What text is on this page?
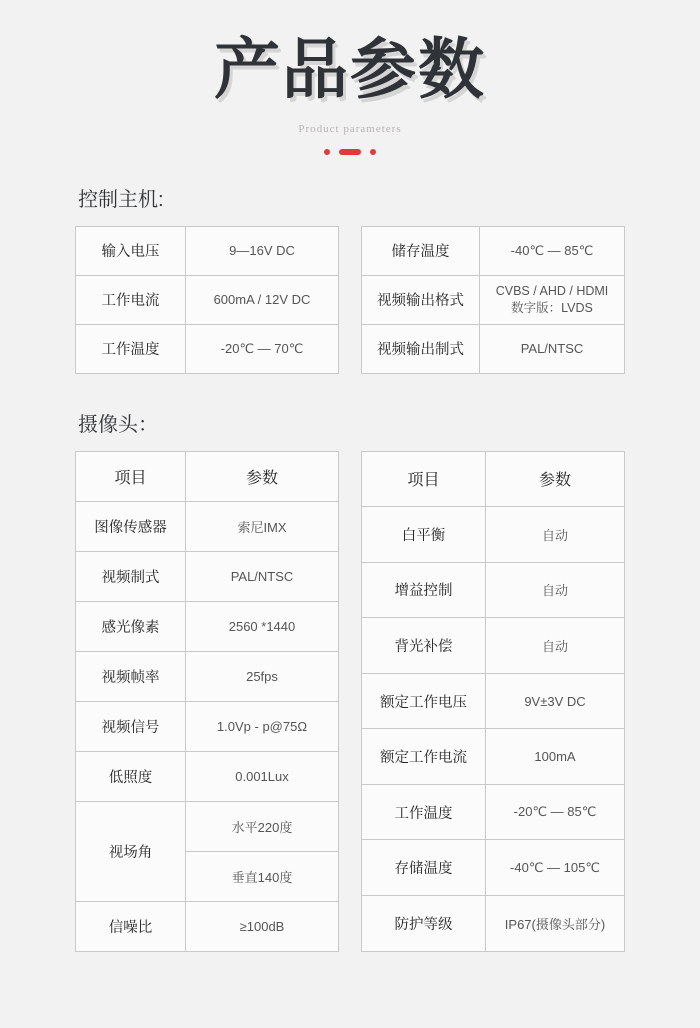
产品参数
Product parameters
控制主机:
输入电压	9—16V DC
工作电流	600mA / 12V DC
工作温度	-20℃ — 70℃
储存温度	-40℃ — 85℃
视频输出格式	CVBS / AHD / HDMI
数字版：LVDS

视频输出制式	PAL/NTSC
摄像头：
项目	参数
图像传感器	索尼IMX
视频制式	PAL/NTSC
感光像素	2560 *1440
视频帧率	25fps
视频信号	1.0Vp - p@75Ω
低照度	0.001Lux
视场角	水平220度
	垂直140度
信噪比	≥100dB
项目	参数
白平衡	自动
增益控制	自动
背光补偿	自动
额定工作电压	9V±3V DC
额定工作电流	100mA
工作温度	-20℃ — 85℃
存储温度	-40℃ — 105℃
防护等级	IP67(摄像头部分)
